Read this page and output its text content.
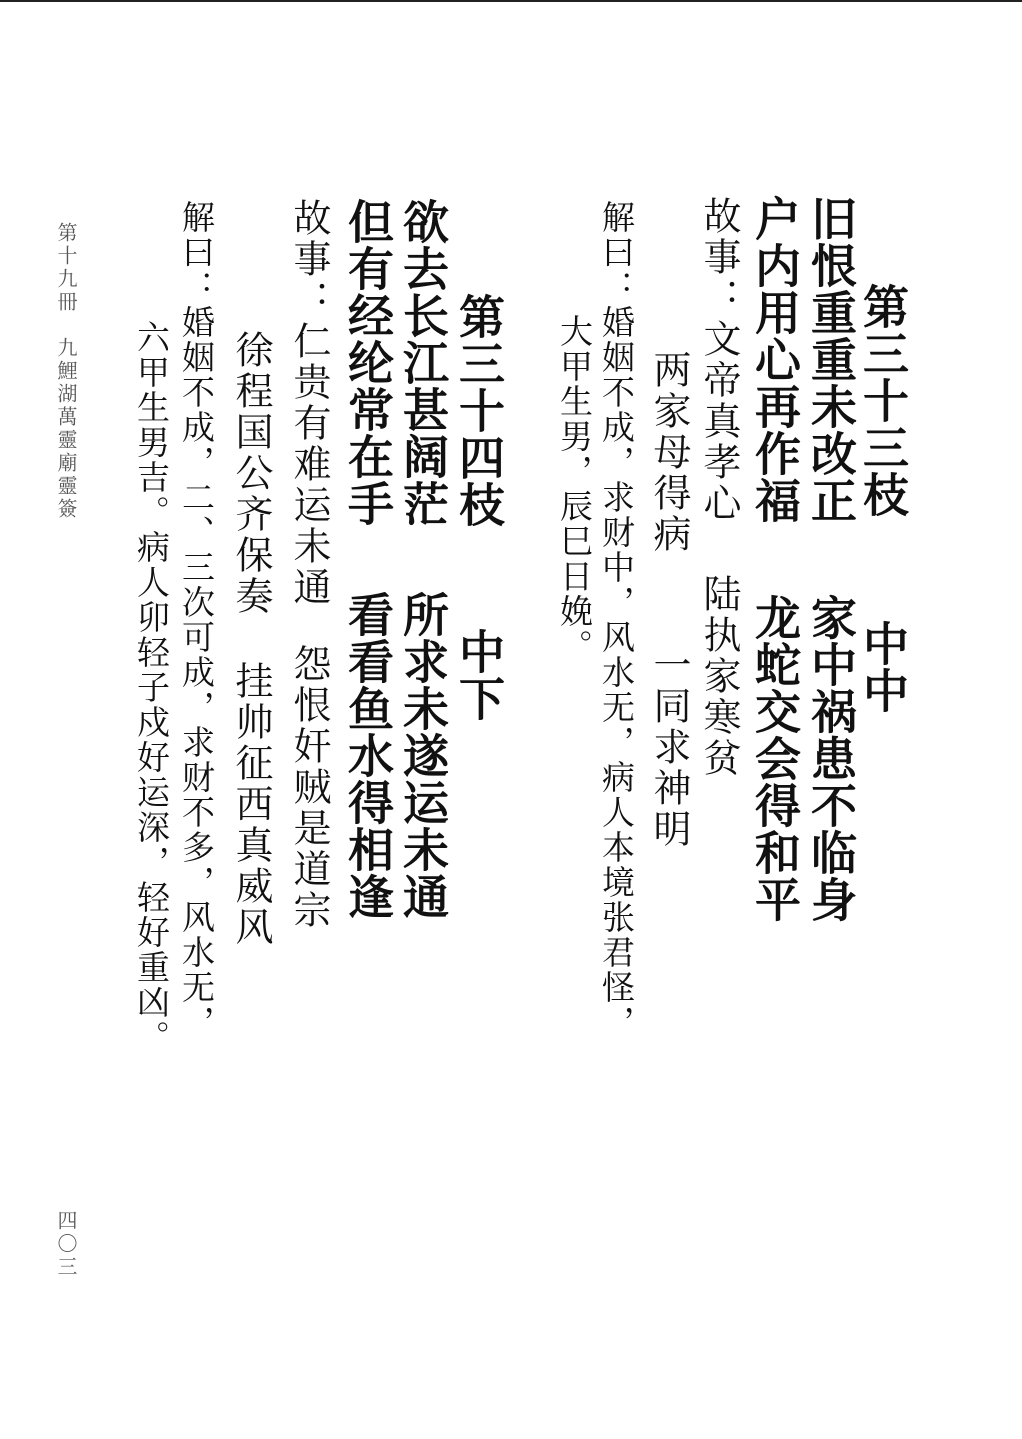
第三十三枝中中
旧恨重重未改正家中祸患不临身
户内用心再作福龙蛇交会得和平
故事：文帝真孝心陆执家寒贫
两家母得病一同求神明
解曰：婚姻不成，求财中，风水无，病人本境张君怪，
大甲生男，辰巳日娩。
第三十四枝中下
欲去长江甚阔茫所求未遂运未通
但有经纶常在手看看鱼水得相逢
故事：仁贵有难运未通怨恨奸贼是道宗
徐程国公齐保奏挂帅征西真威风
解曰：婚姻不成，二、三次可成，求财不多，风水无，
六甲生男吉。病人卯轻子戍好运深，轻好重凶。
第十九冊　九鯉湖萬靈廟靈簽
四〇三
